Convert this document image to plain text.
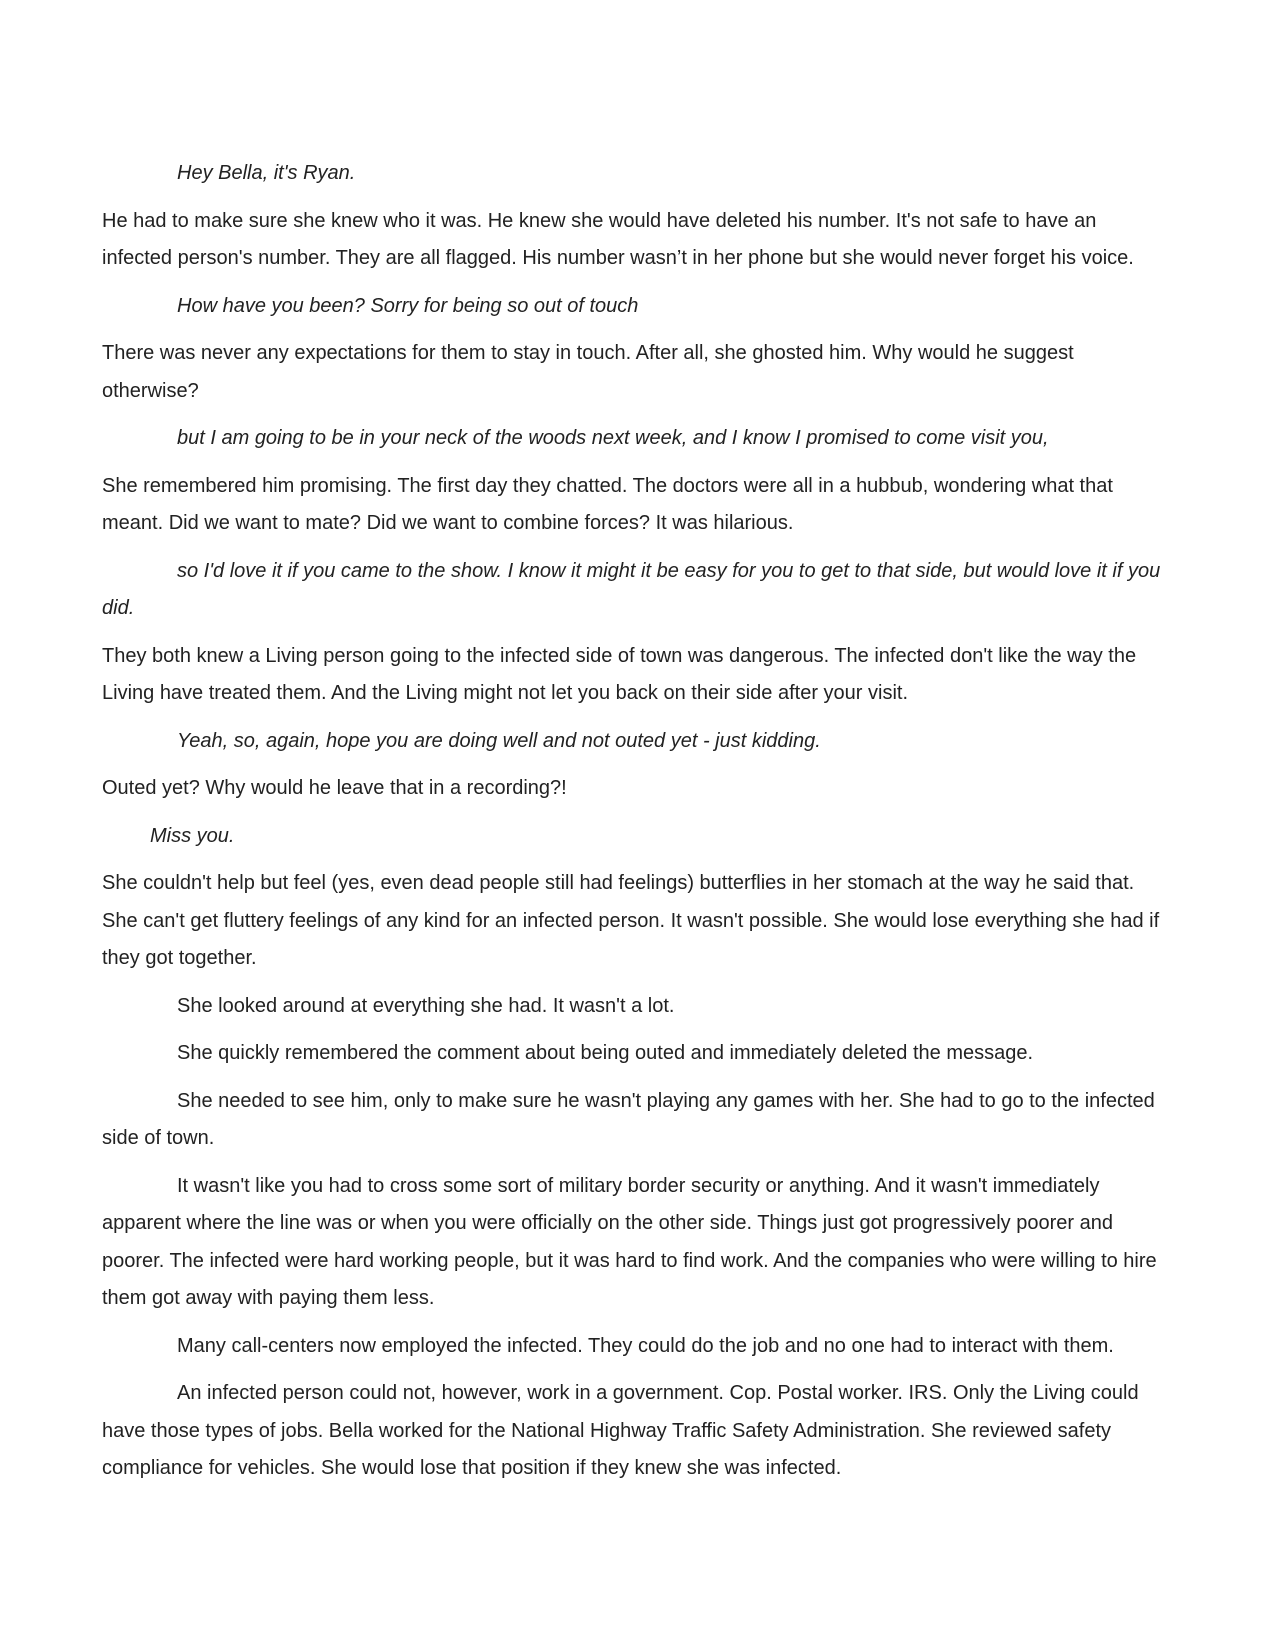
Hey Bella, it's Ryan.

He had to make sure she knew who it was. He knew she would have deleted his number. It's not safe to have an infected person's number. They are all flagged. His number wasn’t in her phone but she would never forget his voice.

How have you been? Sorry for being so out of touch

There was never any expectations for them to stay in touch. After all, she ghosted him. Why would he suggest otherwise?

but I am going to be in your neck of the woods next week, and I know I promised to come visit you,

She remembered him promising. The first day they chatted. The doctors were all in a hubbub, wondering what that meant. Did we want to mate? Did we want to combine forces? It was hilarious.

so I'd love it if you came to the show. I know it might it be easy for you to get to that side, but would love it if you did.

They both knew a Living person going to the infected side of town was dangerous. The infected don't like the way the Living have treated them. And the Living might not let you back on their side after your visit.

Yeah, so, again, hope you are doing well and not outed yet - just kidding.

Outed yet? Why would he leave that in a recording?!

Miss you.

She couldn't help but feel (yes, even dead people still had feelings) butterflies in her stomach at the way he said that. She can't get fluttery feelings of any kind for an infected person. It wasn't possible. She would lose everything she had if they got together.

She looked around at everything she had. It wasn't a lot.

She quickly remembered the comment about being outed and immediately deleted the message.

She needed to see him, only to make sure he wasn't playing any games with her. She had to go to the infected side of town.

It wasn't like you had to cross some sort of military border security or anything. And it wasn't immediately apparent where the line was or when you were officially on the other side. Things just got progressively poorer and poorer. The infected were hard working people, but it was hard to find work. And the companies who were willing to hire them got away with paying them less.

Many call-centers now employed the infected. They could do the job and no one had to interact with them.

An infected person could not, however, work in a government. Cop. Postal worker. IRS. Only the Living could have those types of jobs. Bella worked for the National Highway Traffic Safety Administration. She reviewed safety compliance for vehicles. She would lose that position if they knew she was infected.
